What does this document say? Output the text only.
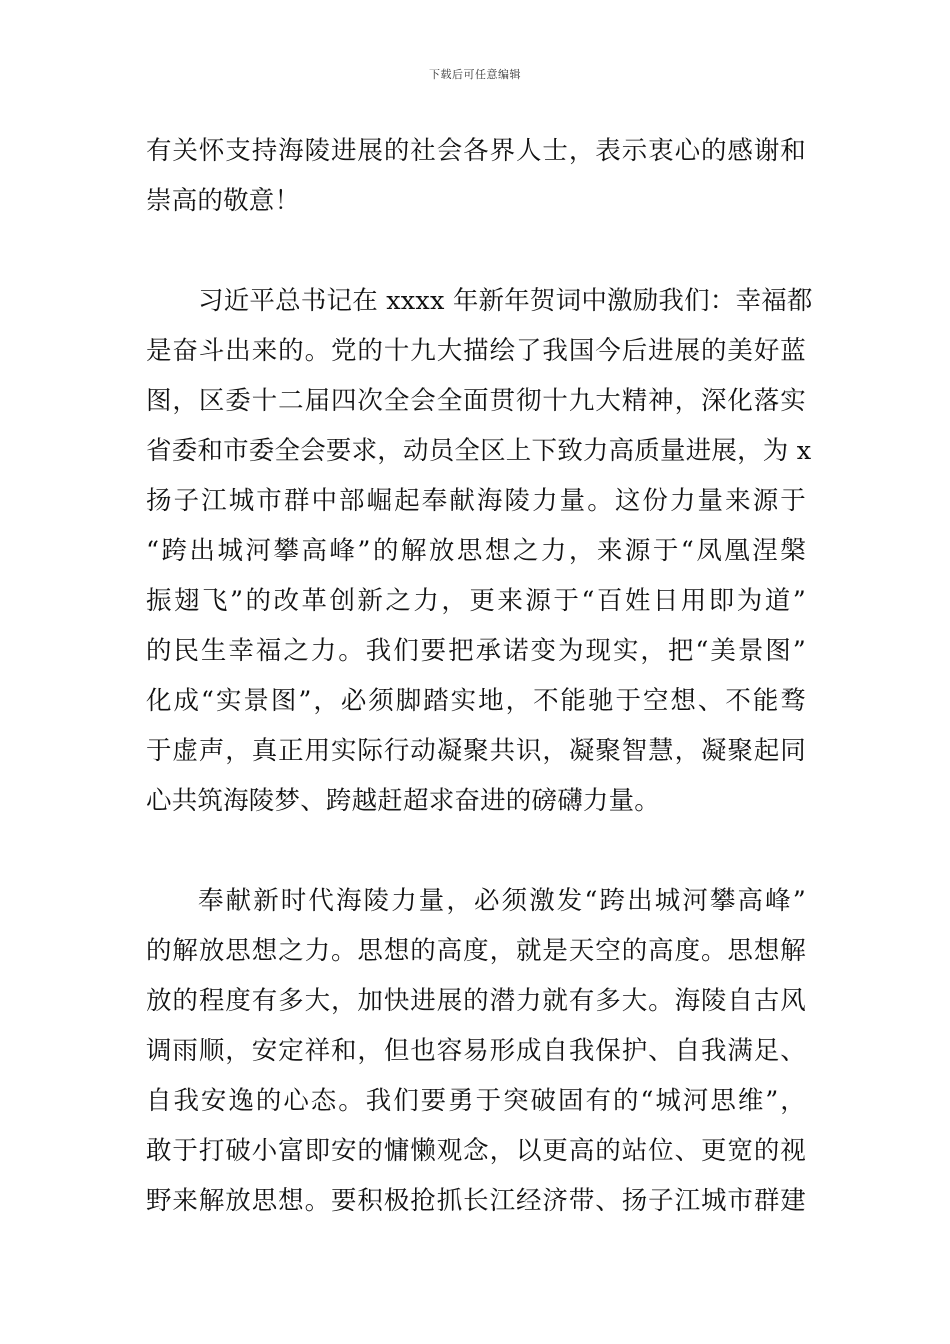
下载后可任意编辑
有关怀支持海陵进展的社会各界人士，表示衷心的感谢和
崇高的敬意！
习近平总书记在 xxxx 年新年贺词中激励我们：幸福都
是奋斗出来的。党的十九大描绘了我国今后进展的美好蓝
图，区委十二届四次全会全面贯彻十九大精神，深化落实
省委和市委全会要求，动员全区上下致力高质量进展，为 x
扬子江城市群中部崛起奉献海陵力量。这份力量来源于
“跨出城河攀高峰”的解放思想之力，来源于“凤凰涅槃
振翅飞”的改革创新之力，更来源于“百姓日用即为道”
的民生幸福之力。我们要把承诺变为现实，把“美景图”
化成“实景图”，必须脚踏实地，不能驰于空想、不能骛
于虚声，真正用实际行动凝聚共识，凝聚智慧，凝聚起同
心共筑海陵梦、跨越赶超求奋进的磅礴力量。
奉献新时代海陵力量，必须激发“跨出城河攀高峰”
的解放思想之力。思想的高度，就是天空的高度。思想解
放的程度有多大，加快进展的潜力就有多大。海陵自古风
调雨顺，安定祥和，但也容易形成自我保护、自我满足、
自我安逸的心态。我们要勇于突破固有的“城河思维”，
敢于打破小富即安的慵懒观念，以更高的站位、更宽的视
野来解放思想。要积极抢抓长江经济带、扬子江城市群建
